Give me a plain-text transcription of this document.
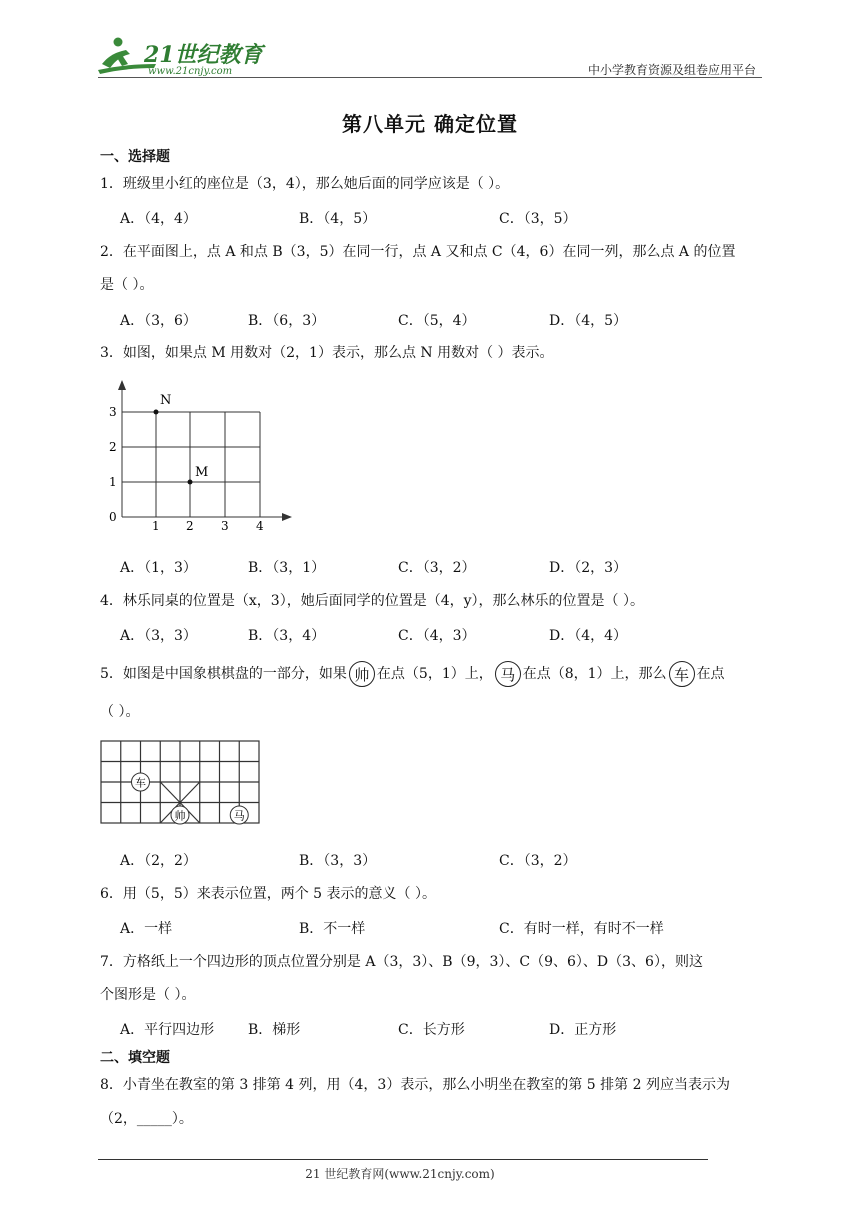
21世纪教育
www.21cnjy.com	中小学教育资源及组卷应用平台
第八单元 确定位置
一、选择题
1．班级里小红的座位是（3，4），那么她后面的同学应该是（ ）。
A．（4，4）	B．（4，5）	C．（3，5）
2．在平面图上，点 A 和点 B（3，5）在同一行，点 A 又和点 C（4，6）在同一列，那么点 A 的位置
是（ ）。
A．（3，6）	B．（6，3）	C．（5，4）	D．（4，5）
3．如图，如果点 M 用数对（2，1）表示，那么点 N 用数对（ ）表示。
N
M
0
1 2 3 4
1
2
3
A．（1，3）	B．（3，1）	C．（3，2）	D．（2，3）
4．林乐同桌的位置是（x，3），她后面同学的位置是（4，y），那么林乐的位置是（ ）。
A．（3，3）	B．（3，4）	C．（4，3）	D．（4，4）
5．如图是中国象棋棋盘的一部分，如果 帅 在点（5，1）上， 马 在点（8，1）上，那么 车 在点
（ ）。
车
帅	马
A．（2，2）	B．（3，3）	C．（3，2）
6．用（5，5）来表示位置，两个 5 表示的意义（ ）。
A．一样	B．不一样	C．有时一样，有时不一样
7．方格纸上一个四边形的顶点位置分别是 A（3，3）、B（9，3）、C（9、6）、D（3、6），则这
个图形是（ ）。
A．平行四边形 B．梯形	C．长方形	D．正方形
二、填空题
8．小青坐在教室的第 3 排第 4 列，用（4，3）表示，那么小明坐在教室的第 5 排第 2 列应当表示为
（2，_____）。
21 世纪教育网(www.21cnjy.com)
